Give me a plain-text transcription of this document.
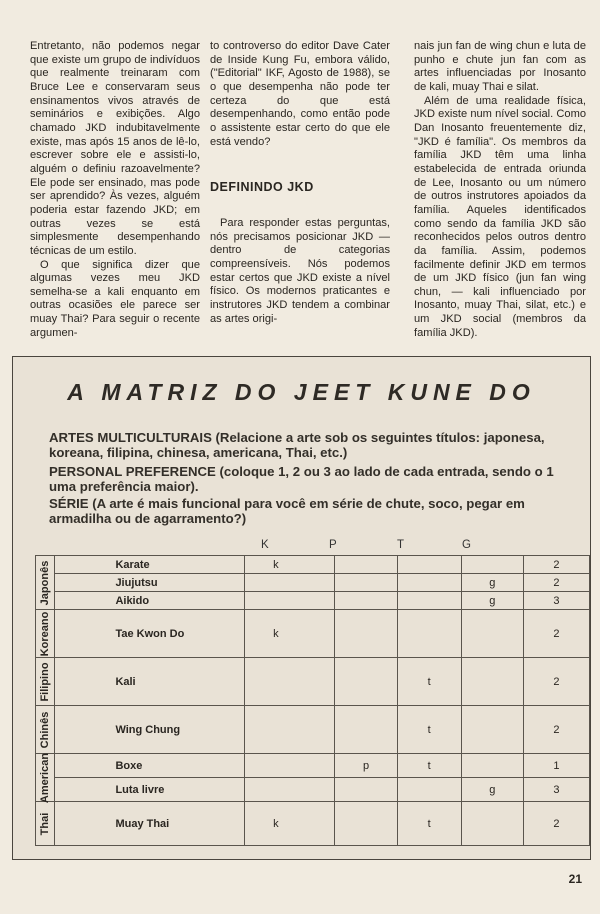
Entretanto, não podemos negar que existe um grupo de indivíduos que realmente treinaram com Bruce Lee e conservaram seus ensinamentos vivos através de seminários e exibições. Algo chamado JKD indubitavelmente existe, mas após 15 anos de lê-lo, escrever sobre ele e assisti-lo, alguém o definiu razoavelmente? Ele pode ser ensinado, mas pode ser aprendido? Às vezes, alguém poderia estar fazendo JKD; em outras vezes se está simplesmente desempenhando técnicas de um estilo.

O que significa dizer que algumas vezes meu JKD semelha-se a kali enquanto em outras ocasiões ele parece ser muay Thai? Para seguir o recente argumen-

to controverso do editor Dave Cater de Inside Kung Fu, embora válido, ("Editorial" IKF, Agosto de 1988), se o que desempenha não pode ter certeza do que está desempenhando, como então pode o assistente estar certo do que ele está vendo?

DEFININDO JKD

Para responder estas perguntas, nós precisamos posicionar JKD — dentro de categorias compreensíveis. Nós podemos estar certos que JKD existe a nível físico. Os modernos praticantes e instrutores JKD tendem a combinar as artes origi-

nais jun fan de wing chun e luta de punho e chute jun fan com as artes influenciadas por Inosanto de kali, muay Thai e silat.

Além de uma realidade física, JKD existe num nível social. Como Dan Inosanto freuentemente diz, "JKD é família". Os membros da família JKD têm uma linha estabelecida de entrada oriunda de Lee, Inosanto ou um número de outros instrutores apoiados da família. Aqueles identificados como sendo da família JKD são reconhecidos pelos outros dentro da família. Assim, podemos facilmente definir JKD em termos de um JKD físico (jun fan wing chun, — kali influenciado por Inosanto, muay Thai, silat, etc.) e um JKD social (membros da família JKD).

A MATRIZ DO JEET KUNE DO
ARTES MULTICULTURAIS (Relacione a arte sob os seguintes títulos: japonesa, koreana, filipina, chinesa, americana, Thai, etc.)
PERSONAL PREFERENCE (coloque 1, 2 ou 3 ao lado de cada entrada, sendo o 1 uma preferência maior).
SÉRIE (A arte é mais funcional para você em série de chute, soco, pegar em armadilha ou de agarramento?)
K	P	T	G
Japonês	Karate	k				2
	Jiujutsu				g	2
	Aikido				g	3

Koreano	Tae Kwon Do	k				2

Filipino	Kali			t		2

Chinês	Wing Chung			t		2

American	Boxe		p	t		1
	Luta livre				g	3

Thai	Muay Thai	k		t		2
21
